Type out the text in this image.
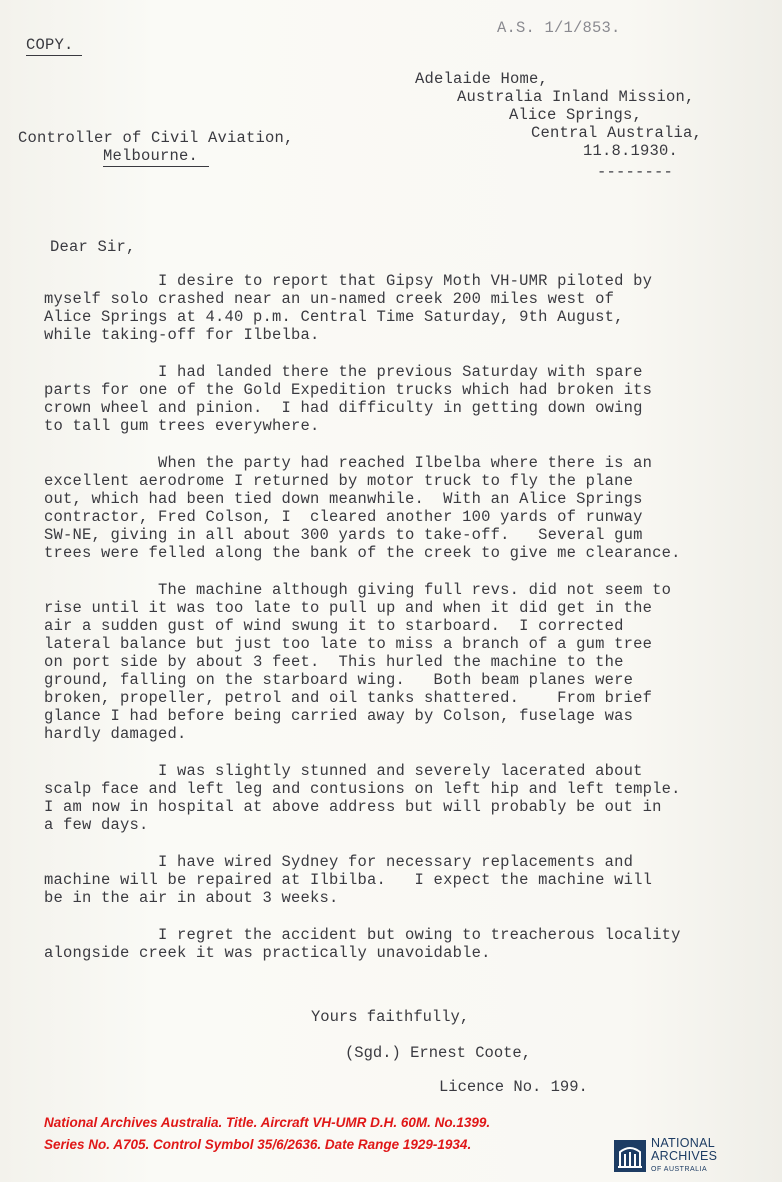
A.S. 1/1/853.
COPY.
Adelaide Home,
Australia Inland Mission,
Alice Springs,
Central Australia,
11.8.1930.
--------
Controller of Civil Aviation,
Melbourne.
Dear Sir,
I desire to report that Gipsy Moth VH-UMR piloted by
myself solo crashed near an un-named creek 200 miles west of
Alice Springs at 4.40 p.m. Central Time Saturday, 9th August,
while taking-off for Ilbelba.
I had landed there the previous Saturday with spare
parts for one of the Gold Expedition trucks which had broken its
crown wheel and pinion.  I had difficulty in getting down owing
to tall gum trees everywhere.
When the party had reached Ilbelba where there is an
excellent aerodrome I returned by motor truck to fly the plane
out, which had been tied down meanwhile.  With an Alice Springs
contractor, Fred Colson, I  cleared another 100 yards of runway
SW-NE, giving in all about 300 yards to take-off.   Several gum
trees were felled along the bank of the creek to give me clearance.
The machine although giving full revs. did not seem to
rise until it was too late to pull up and when it did get in the
air a sudden gust of wind swung it to starboard.  I corrected
lateral balance but just too late to miss a branch of a gum tree
on port side by about 3 feet.  This hurled the machine to the
ground, falling on the starboard wing.   Both beam planes were
broken, propeller, petrol and oil tanks shattered.    From brief
glance I had before being carried away by Colson, fuselage was
hardly damaged.
I was slightly stunned and severely lacerated about
scalp face and left leg and contusions on left hip and left temple.
I am now in hospital at above address but will probably be out in
a few days.
I have wired Sydney for necessary replacements and
machine will be repaired at Ilbilba.   I expect the machine will
be in the air in about 3 weeks.
I regret the accident but owing to treacherous locality
alongside creek it was practically unavoidable.
Yours faithfully,
(Sgd.) Ernest Coote,
Licence No. 199.
National Archives Australia. Title. Aircraft VH-UMR D.H. 60M. No.1399.
Series No. A705. Control Symbol 35/6/2636. Date Range 1929-1934.	NATIONAL
ARCHIVES
OF AUSTRALIA
